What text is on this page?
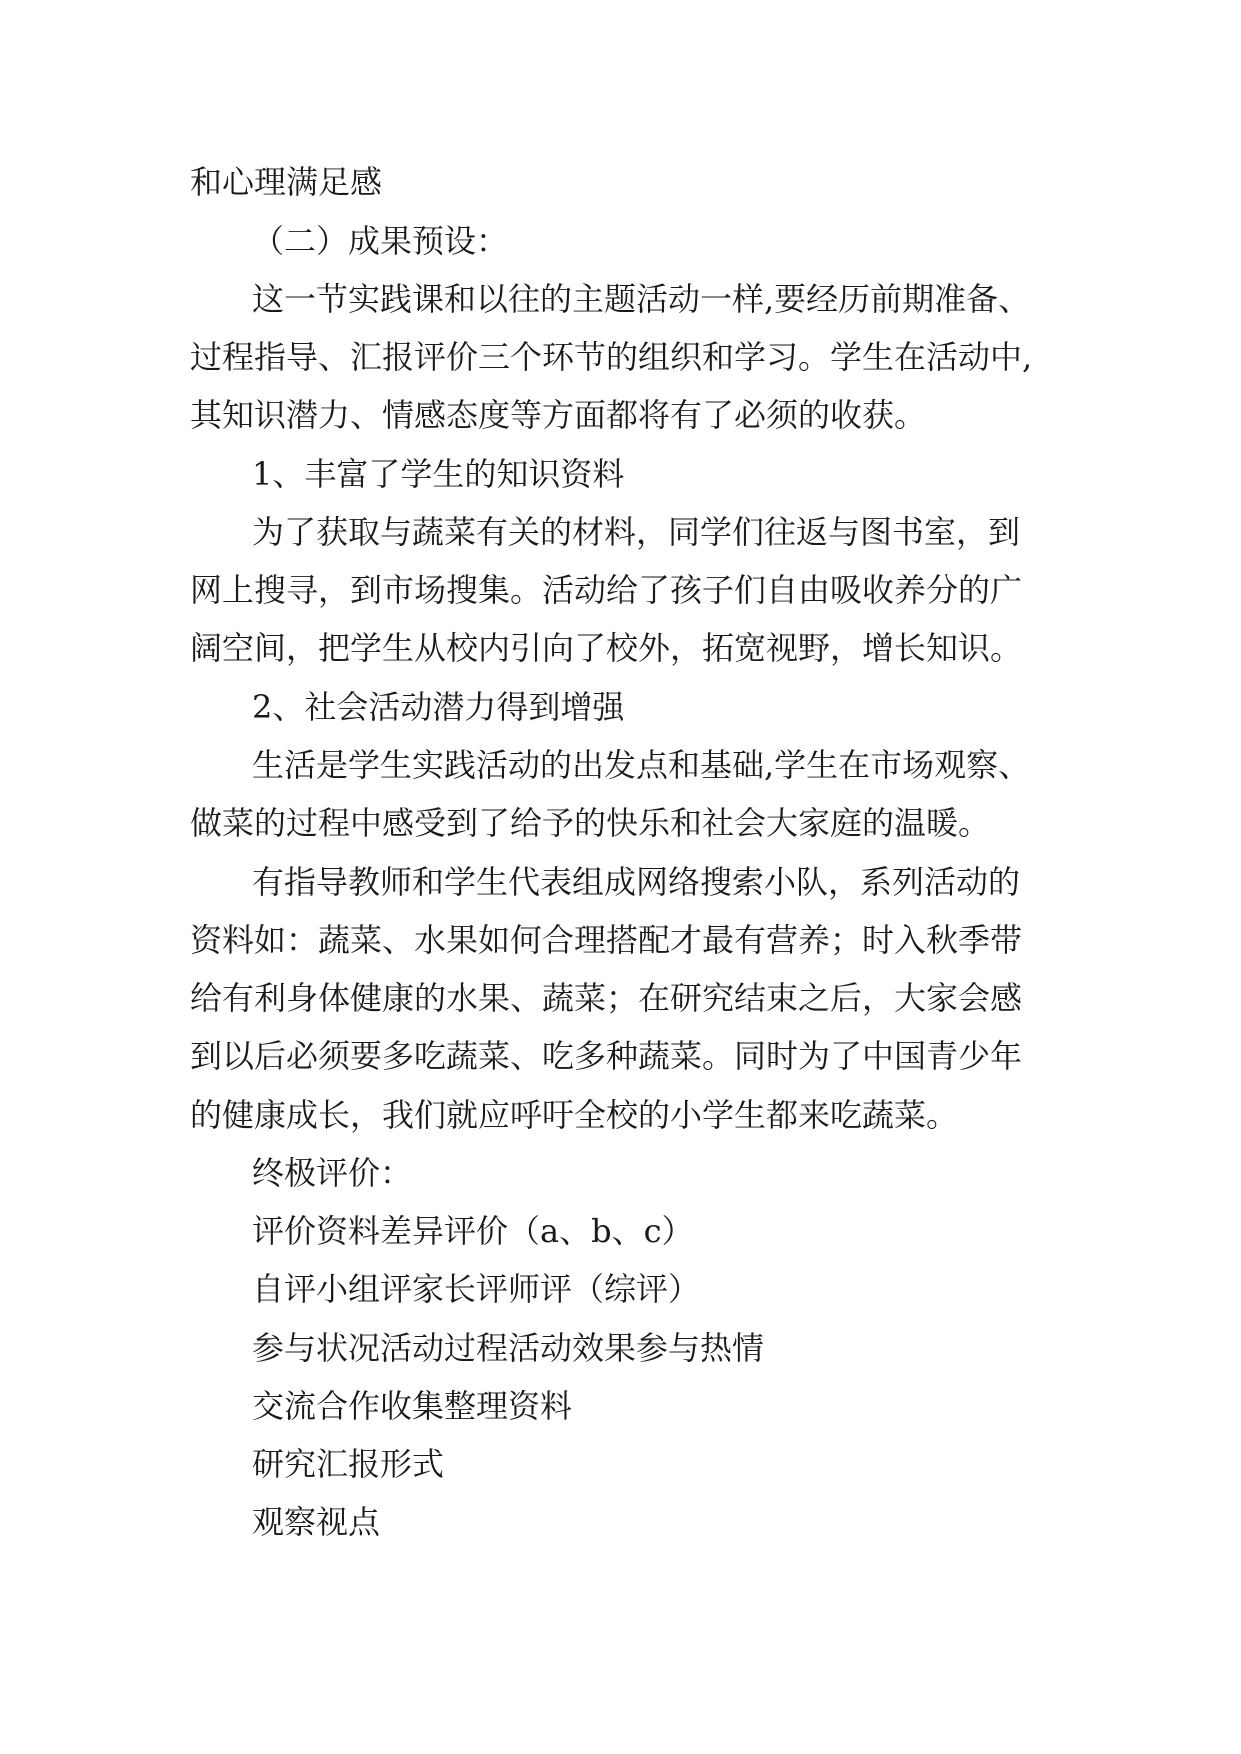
和心理满足感
（二）成果预设：
这一节实践课和以往的主题活动一样,要经历前期准备、
过程指导、汇报评价三个环节的组织和学习。学生在活动中,
其知识潜力、情感态度等方面都将有了必须的收获。
1、丰富了学生的知识资料
为了获取与蔬菜有关的材料，同学们往返与图书室，到
网上搜寻，到市场搜集。活动给了孩子们自由吸收养分的广
阔空间，把学生从校内引向了校外，拓宽视野，增长知识。
2、社会活动潜力得到增强
生活是学生实践活动的出发点和基础,学生在市场观察、
做菜的过程中感受到了给予的快乐和社会大家庭的温暖。
有指导教师和学生代表组成网络搜索小队，系列活动的
资料如：蔬菜、水果如何合理搭配才最有营养；时入秋季带
给有利身体健康的水果、蔬菜；在研究结束之后，大家会感
到以后必须要多吃蔬菜、吃多种蔬菜。同时为了中国青少年
的健康成长，我们就应呼吁全校的小学生都来吃蔬菜。
终极评价：
评价资料差异评价（a、b、c）
自评小组评家长评师评（综评）
参与状况活动过程活动效果参与热情
交流合作收集整理资料
研究汇报形式
观察视点
